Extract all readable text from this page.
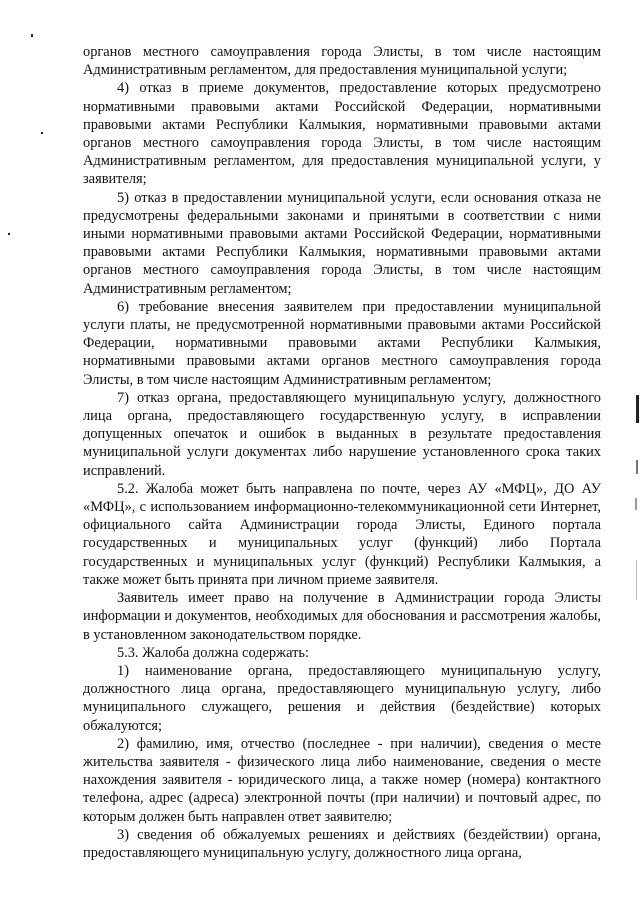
органов местного самоуправления города Элисты, в том числе настоящим Административным регламентом, для предоставления муниципальной услуги;

4) отказ в приеме документов, предоставление которых предусмотрено нормативными правовыми актами Российской Федерации, нормативными правовыми актами Республики Калмыкия, нормативными правовыми актами органов местного самоуправления города Элисты, в том числе настоящим Административным регламентом, для предоставления муниципальной услуги, у заявителя;

5) отказ в предоставлении муниципальной услуги, если основания отказа не предусмотрены федеральными законами и принятыми в соответствии с ними иными нормативными правовыми актами Российской Федерации, нормативными правовыми актами Республики Калмыкия, нормативными правовыми актами органов местного самоуправления города Элисты, в том числе настоящим Административным регламентом;

6) требование внесения заявителем при предоставлении муниципальной услуги платы, не предусмотренной нормативными правовыми актами Российской Федерации, нормативными правовыми актами Республики Калмыкия, нормативными правовыми актами органов местного самоуправления города Элисты, в том числе настоящим Административным регламентом;

7) отказ органа, предоставляющего муниципальную услугу, должностного лица органа, предоставляющего государственную услугу, в исправлении допущенных опечаток и ошибок в выданных в результате предоставления муниципальной услуги документах либо нарушение установленного срока таких исправлений.

5.2. Жалоба может быть направлена по почте, через АУ «МФЦ», ДО АУ «МФЦ», с использованием информационно-телекоммуникационной сети Интернет, официального сайта Администрации города Элисты, Единого портала государственных и муниципальных услуг (функций) либо Портала государственных и муниципальных услуг (функций) Республики Калмыкия, а также может быть принята при личном приеме заявителя.

Заявитель имеет право на получение в Администрации города Элисты информации и документов, необходимых для обоснования и рассмотрения жалобы, в установленном законодательством порядке.

5.3. Жалоба должна содержать:

1) наименование органа, предоставляющего муниципальную услугу, должностного лица органа, предоставляющего муниципальную услугу, либо муниципального служащего, решения и действия (бездействие) которых обжалуются;

2) фамилию, имя, отчество (последнее - при наличии), сведения о месте жительства заявителя - физического лица либо наименование, сведения о месте нахождения заявителя - юридического лица, а также номер (номера) контактного телефона, адрес (адреса) электронной почты (при наличии) и почтовый адрес, по которым должен быть направлен ответ заявителю;

3) сведения об обжалуемых решениях и действиях (бездействии) органа, предоставляющего муниципальную услугу, должностного лица органа,
